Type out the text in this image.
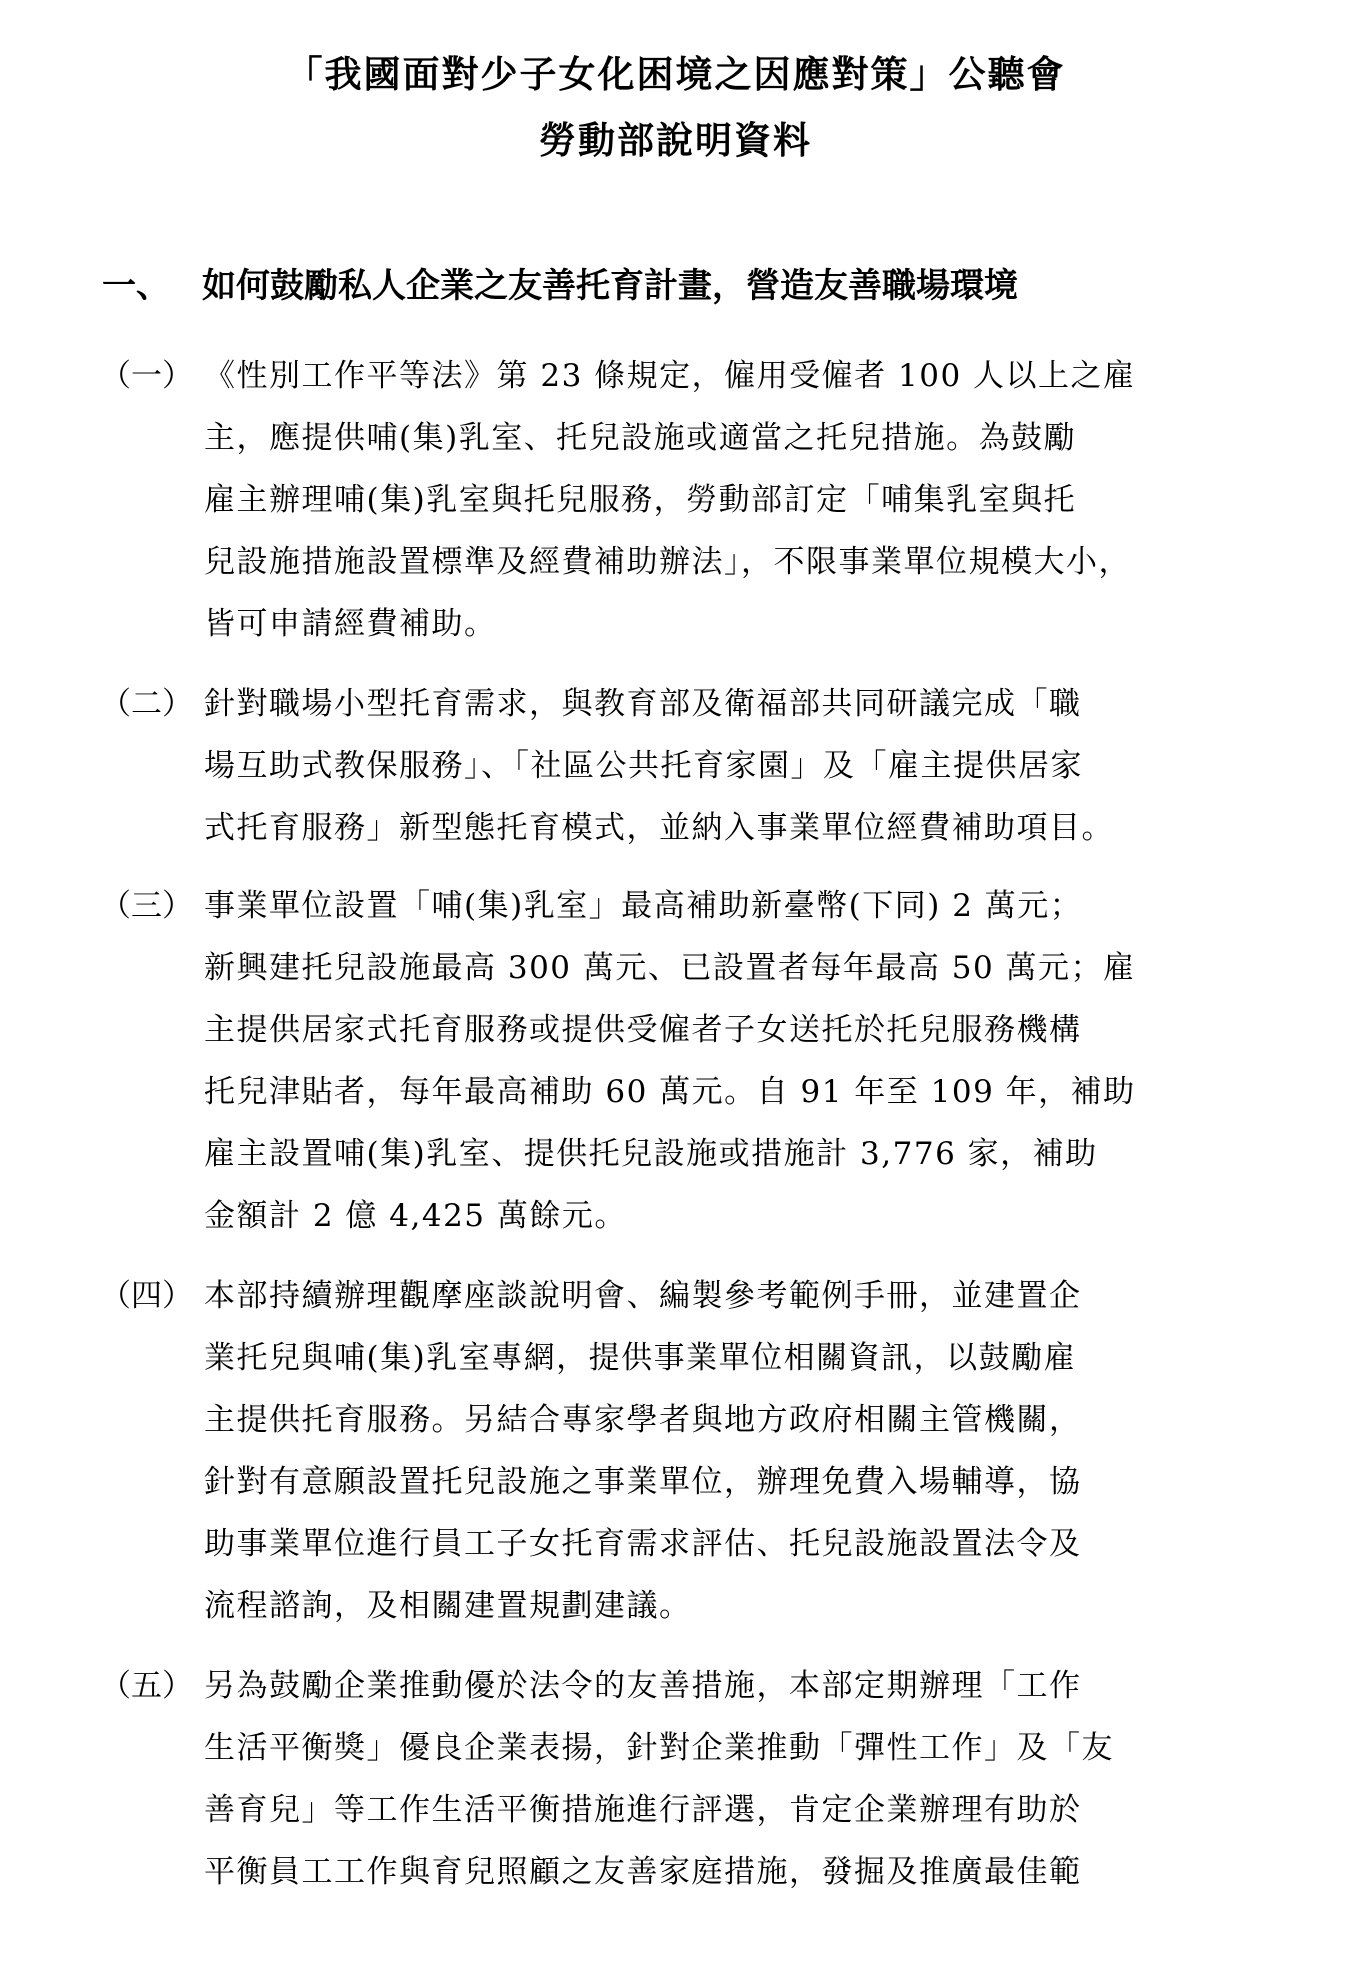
「我國面對少子女化困境之因應對策」公聽會
勞動部說明資料
一、 如何鼓勵私人企業之友善托育計畫，營造友善職場環境
（一） 《性別工作平等法》第 23 條規定，僱用受僱者 100 人以上之雇
主，應提供哺(集)乳室、托兒設施或適當之托兒措施。為鼓勵
雇主辦理哺(集)乳室與托兒服務，勞動部訂定「哺集乳室與托
兒設施措施設置標準及經費補助辦法」，不限事業單位規模大小，
皆可申請經費補助。
（二） 針對職場小型托育需求，與教育部及衛福部共同研議完成「職
場互助式教保服務」、「社區公共托育家園」及「雇主提供居家
式托育服務」新型態托育模式，並納入事業單位經費補助項目。
（三） 事業單位設置「哺(集)乳室」最高補助新臺幣(下同) 2 萬元；
新興建托兒設施最高 300 萬元、已設置者每年最高 50 萬元；雇
主提供居家式托育服務或提供受僱者子女送托於托兒服務機構
托兒津貼者，每年最高補助 60 萬元。自 91 年至 109 年，補助
雇主設置哺(集)乳室、提供托兒設施或措施計 3,776 家，補助
金額計 2 億 4,425 萬餘元。
（四） 本部持續辦理觀摩座談說明會、編製參考範例手冊，並建置企
業托兒與哺(集)乳室專網，提供事業單位相關資訊，以鼓勵雇
主提供托育服務。另結合專家學者與地方政府相關主管機關，
針對有意願設置托兒設施之事業單位，辦理免費入場輔導，協
助事業單位進行員工子女托育需求評估、托兒設施設置法令及
流程諮詢，及相關建置規劃建議。
（五） 另為鼓勵企業推動優於法令的友善措施，本部定期辦理「工作
生活平衡獎」優良企業表揚，針對企業推動「彈性工作」及「友
善育兒」等工作生活平衡措施進行評選，肯定企業辦理有助於
平衡員工工作與育兒照顧之友善家庭措施，發掘及推廣最佳範
